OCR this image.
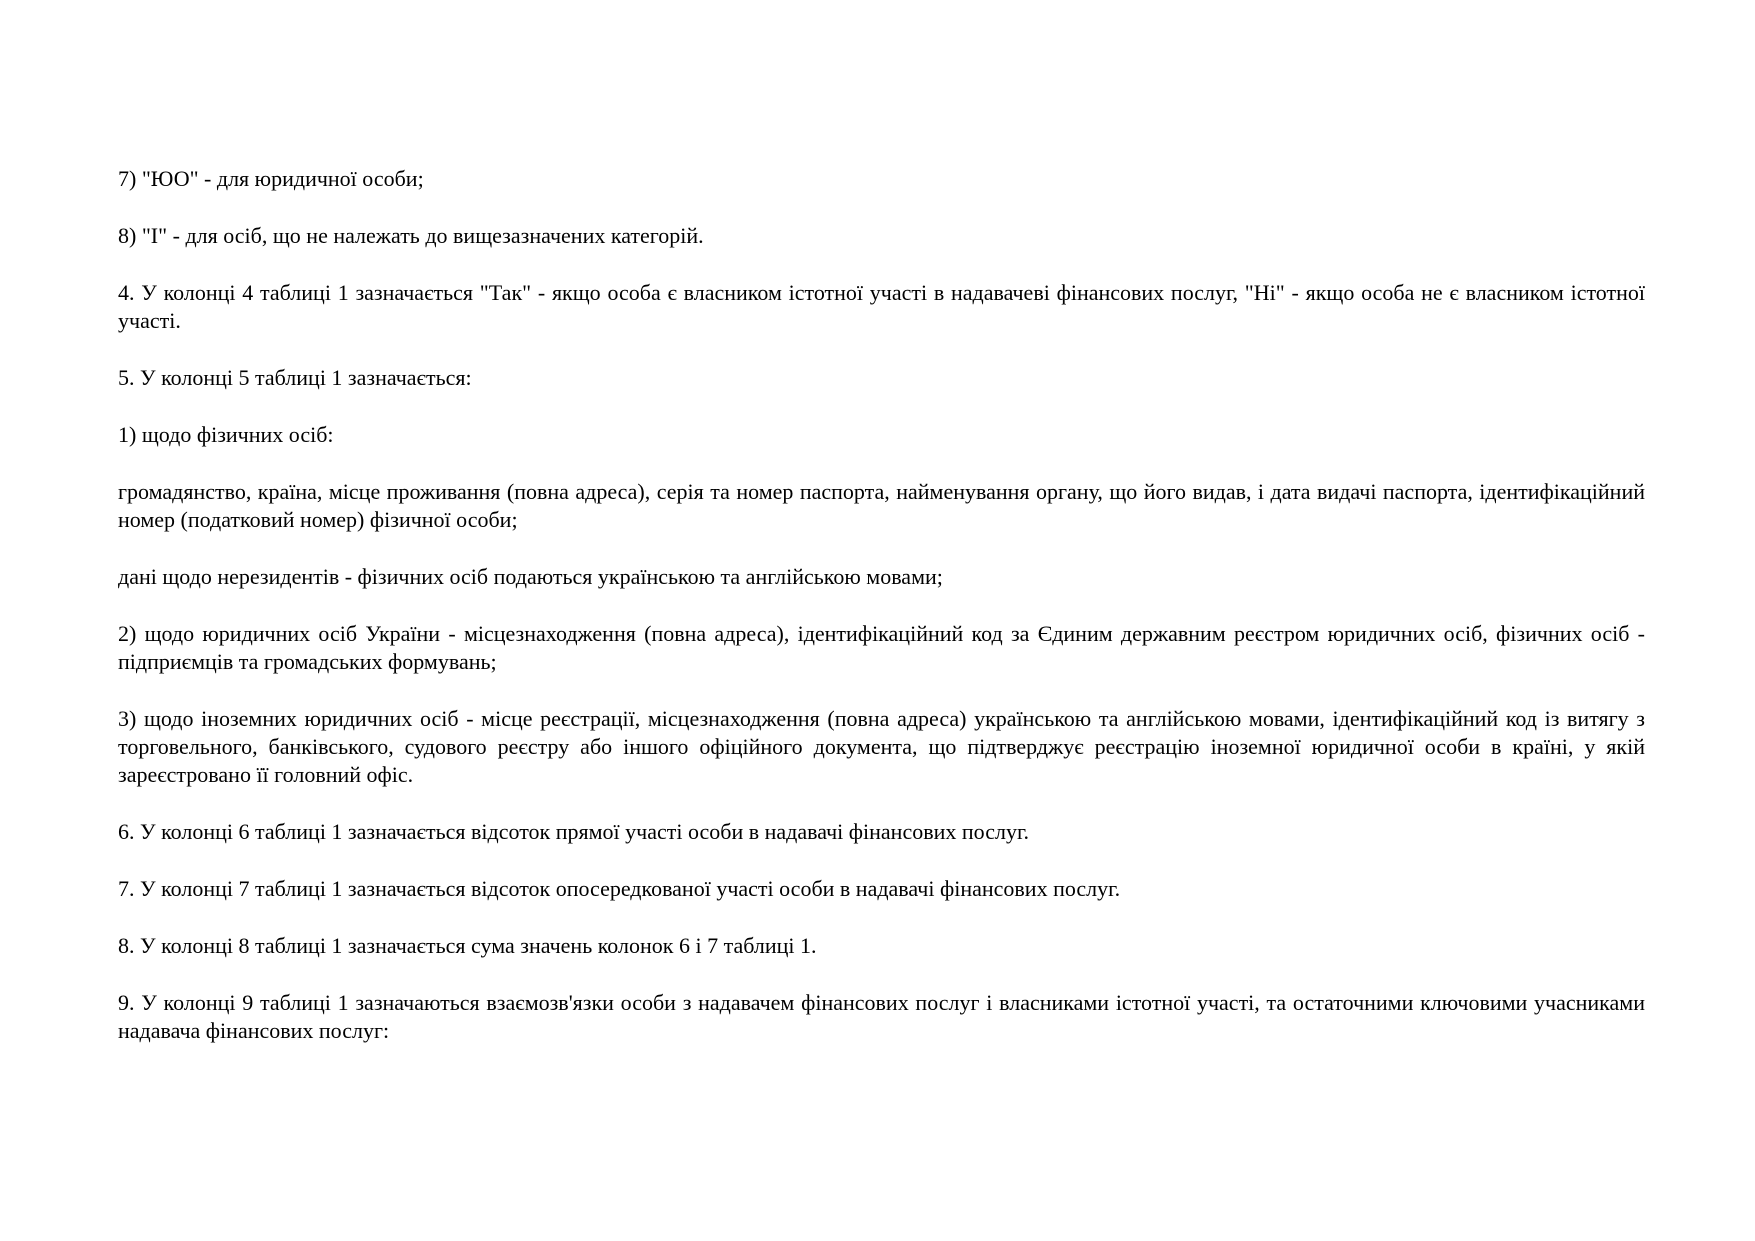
7) "ЮО" - для юридичної особи;

8) "І" - для осіб, що не належать до вищезазначених категорій.

4. У колонці 4 таблиці 1 зазначається "Так" - якщо особа є власником істотної участі в надавачеві фінансових послуг, "Ні" - якщо особа не є власником істотної участі.

5. У колонці 5 таблиці 1 зазначається:

1) щодо фізичних осіб:

громадянство, країна, місце проживання (повна адреса), серія та номер паспорта, найменування органу, що його видав, і дата видачі паспорта, ідентифікаційний номер (податковий номер) фізичної особи;

дані щодо нерезидентів - фізичних осіб подаються українською та англійською мовами;

2) щодо юридичних осіб України - місцезнаходження (повна адреса), ідентифікаційний код за Єдиним державним реєстром юридичних осіб, фізичних осіб - підприємців та громадських формувань;

3) щодо іноземних юридичних осіб - місце реєстрації, місцезнаходження (повна адреса) українською та англійською мовами, ідентифікаційний код із витягу з торговельного, банківського, судового реєстру або іншого офіційного документа, що підтверджує реєстрацію іноземної юридичної особи в країні, у якій зареєстровано її головний офіс.

6. У колонці 6 таблиці 1 зазначається відсоток прямої участі особи в надавачі фінансових послуг.

7. У колонці 7 таблиці 1 зазначається відсоток опосередкованої участі особи в надавачі фінансових послуг.

8. У колонці 8 таблиці 1 зазначається сума значень колонок 6 і 7 таблиці 1.

9. У колонці 9 таблиці 1 зазначаються взаємозв'язки особи з надавачем фінансових послуг і власниками істотної участі, та остаточними ключовими учасниками надавача фінансових послуг:
